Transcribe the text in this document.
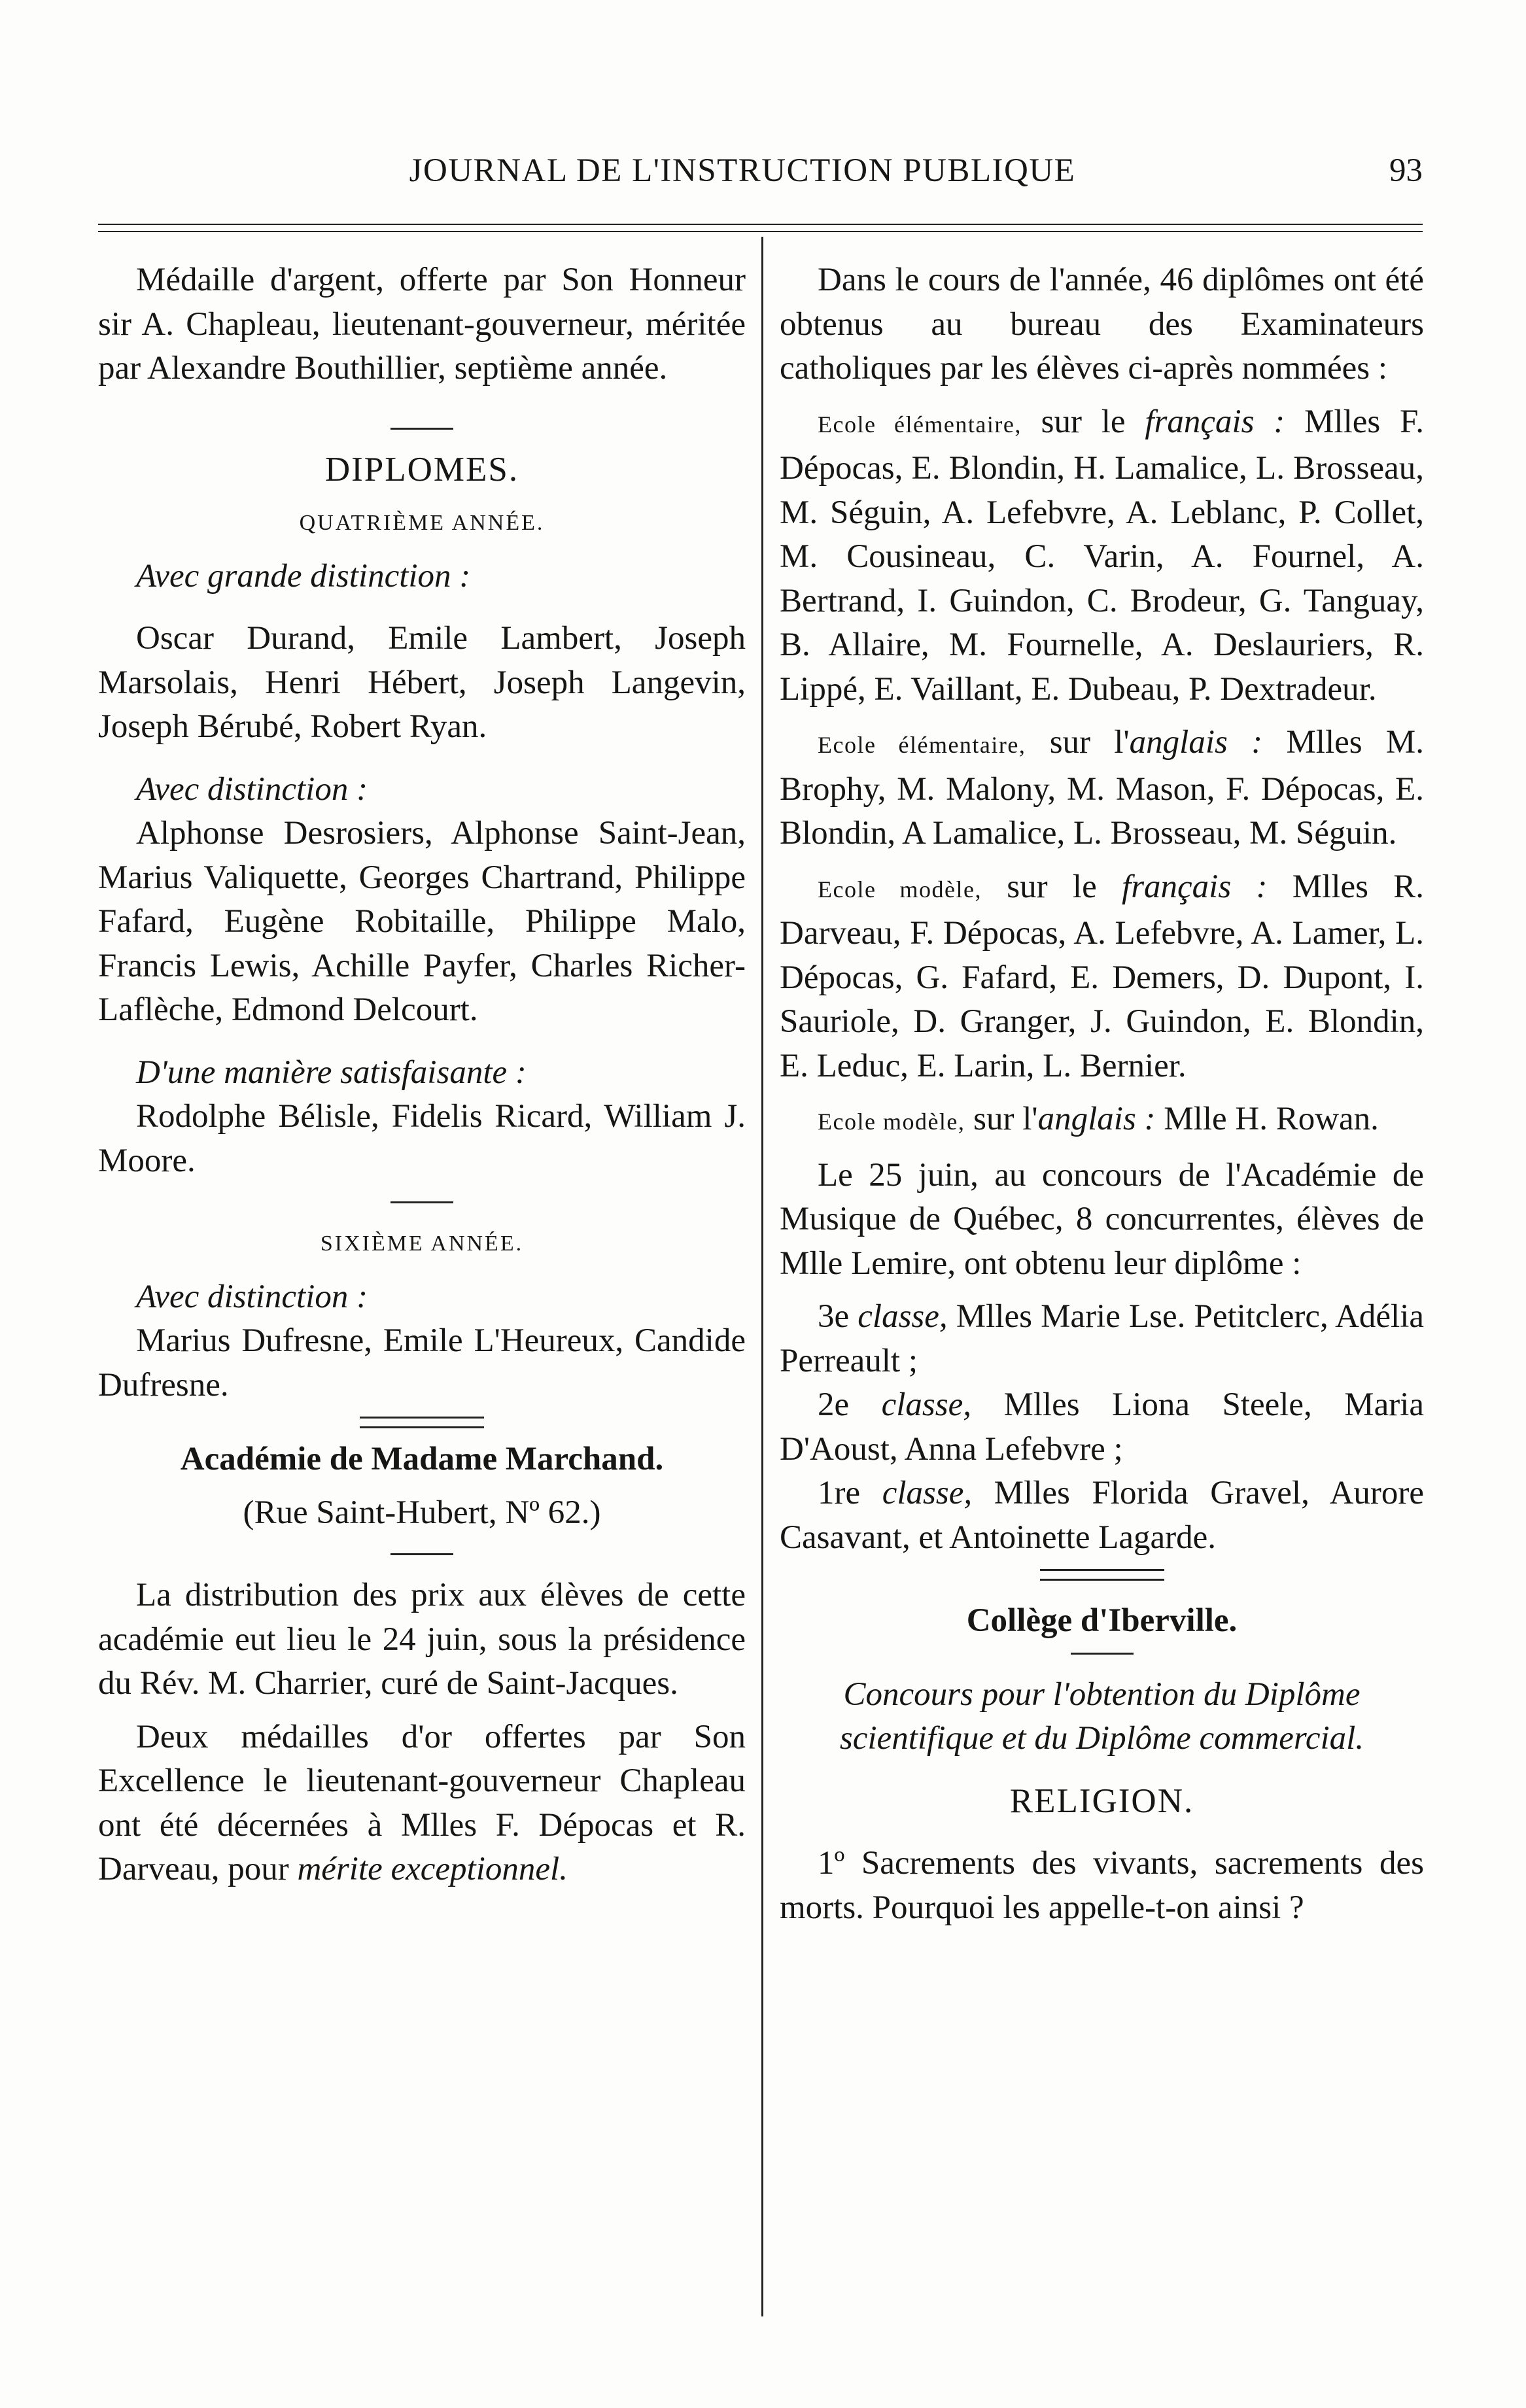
JOURNAL DE L'INSTRUCTION PUBLIQUE	93

Médaille d'argent, offerte par Son Honneur sir A. Chapleau, lieutenant-gouverneur, méritée par Alexandre Bouthillier, septième année.

DIPLOMES.
QUATRIÈME ANNÉE.

Avec grande distinction :

Oscar Durand, Emile Lambert, Joseph Marsolais, Henri Hébert, Joseph Langevin, Joseph Bérubé, Robert Ryan.

Avec distinction :

Alphonse Desrosiers, Alphonse Saint-Jean, Marius Valiquette, Georges Chartrand, Philippe Fafard, Eugène Robitaille, Philippe Malo, Francis Lewis, Achille Payfer, Charles Richer-Laflèche, Edmond Delcourt.

D'une manière satisfaisante :

Rodolphe Bélisle, Fidelis Ricard, William J. Moore.

SIXIÈME ANNÉE.

Avec distinction :

Marius Dufresne, Emile L'Heureux, Candide Dufresne.

Académie de Madame Marchand.
(Rue Saint-Hubert, Nº 62.)

La distribution des prix aux élèves de cette académie eut lieu le 24 juin, sous la présidence du Rév. M. Charrier, curé de Saint-Jacques.

Deux médailles d'or offertes par Son Excellence le lieutenant-gouverneur Chapleau ont été décernées à Mlles F. Dépocas et R. Darveau, pour mérite exceptionnel.

Dans le cours de l'année, 46 diplômes ont été obtenus au bureau des Examinateurs catholiques par les élèves ci-après nommées :

Ecole élémentaire, sur le français : Mlles F. Dépocas, E. Blondin, H. Lamalice, L. Brosseau, M. Séguin, A. Lefebvre, A. Leblanc, P. Collet, M. Cousineau, C. Varin, A. Fournel, A. Bertrand, I. Guindon, C. Brodeur, G. Tanguay, B. Allaire, M. Fournelle, A. Deslauriers, R. Lippé, E. Vaillant, E. Dubeau, P. Dextradeur.

Ecole élémentaire, sur l'anglais : Mlles M. Brophy, M. Malony, M. Mason, F. Dépocas, E. Blondin, A Lamalice, L. Brosseau, M. Séguin.

Ecole modèle, sur le français : Mlles R. Darveau, F. Dépocas, A. Lefebvre, A. Lamer, L. Dépocas, G. Fafard, E. Demers, D. Dupont, I. Sauriole, D. Granger, J. Guindon, E. Blondin, E. Leduc, E. Larin, L. Bernier.

Ecole modèle, sur l'anglais : Mlle H. Rowan.

Le 25 juin, au concours de l'Académie de Musique de Québec, 8 concurrentes, élèves de Mlle Lemire, ont obtenu leur diplôme :

3e classe, Mlles Marie Lse. Petitclerc, Adélia Perreault ;

2e classe, Mlles Liona Steele, Maria D'Aoust, Anna Lefebvre ;

1re classe, Mlles Florida Gravel, Aurore Casavant, et Antoinette Lagarde.

Collège d'Iberville.

Concours pour l'obtention du Diplôme scientifique et du Diplôme commercial.

RELIGION.

1º Sacrements des vivants, sacrements des morts. Pourquoi les appelle-t-on ainsi ?
